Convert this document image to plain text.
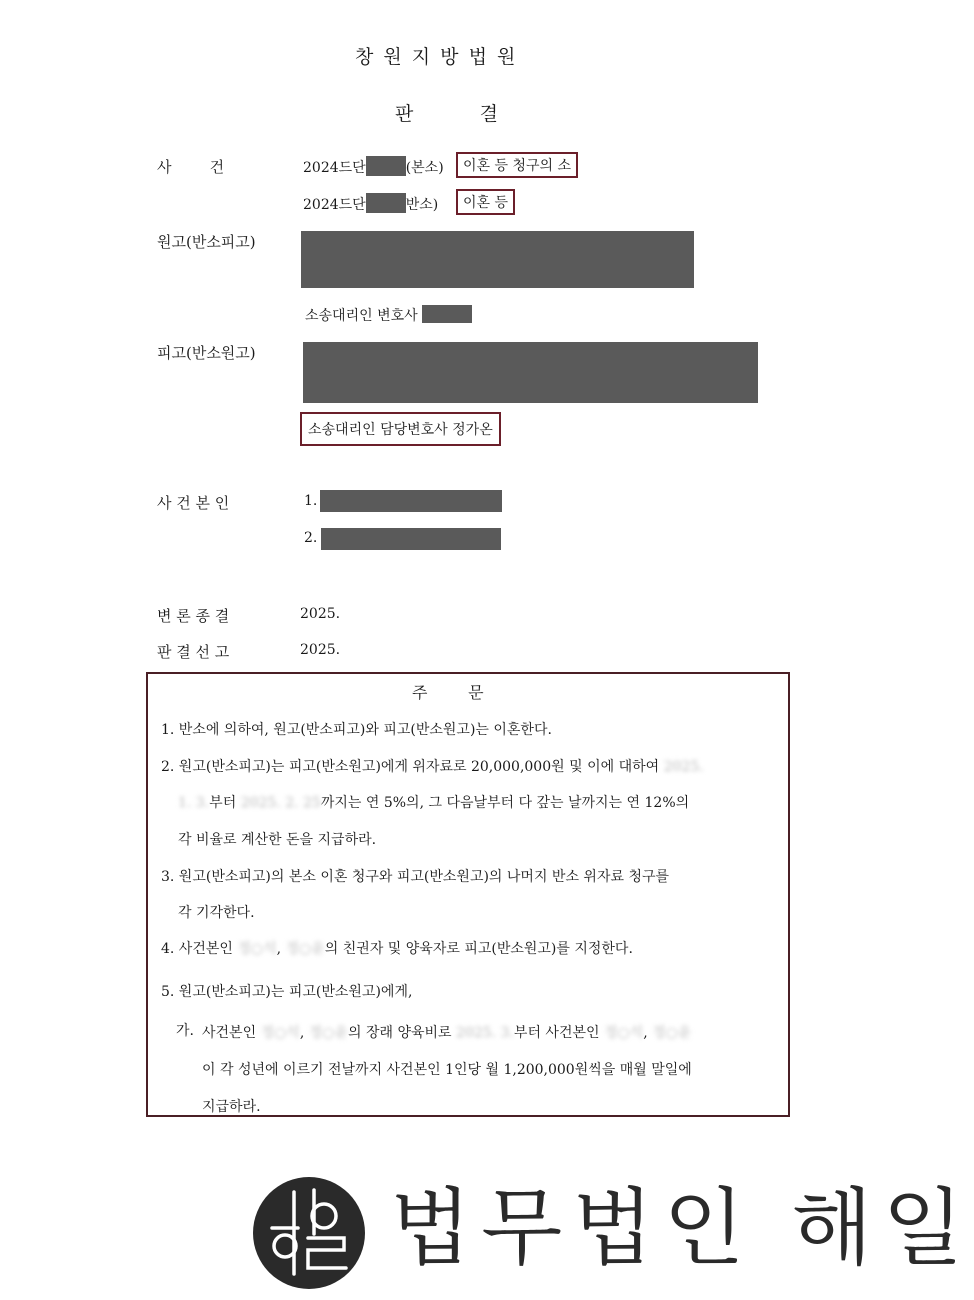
창 원 지 방 법 원
판        결
사        건	2024드단	(본소)	이혼 등 청구의 소
2024드단	반소)	이혼 등
원고(반소피고)
소송대리인 변호사
피고(반소원고)
소송대리인 담당변호사 정가온
사 건 본 인	1.
2.
변 론 종 결	2025.
판 결 선 고	2025.
주        문
1. 반소에 의하여, 원고(반소피고)와 피고(반소원고)는 이혼한다.
2. 원고(반소피고)는 피고(반소원고)에게 위자료로 20,000,000원 및 이에 대하여 2025.
1. 3.부터 2025. 2. 25까지는 연 5%의, 그 다음날부터 다 갚는 날까지는 연 12%의
각 비율로 계산한 돈을 지급하라.
3. 원고(반소피고)의 본소 이혼 청구와 피고(반소원고)의 나머지 반소 위자료 청구를
각 기각한다.
4. 사건본인 정○석, 정○윤의 친권자 및 양육자로 피고(반소원고)를 지정한다.
5. 원고(반소피고)는 피고(반소원고)에게,
가. 사건본인 정○석, 정○윤의 장래 양육비로 2025. 3.부터 사건본인 정○석, 정○윤
이 각 성년에 이르기 전날까지 사건본인 1인당 월 1,200,000원씩을 매월 말일에
지급하라.
법무법인 해일
